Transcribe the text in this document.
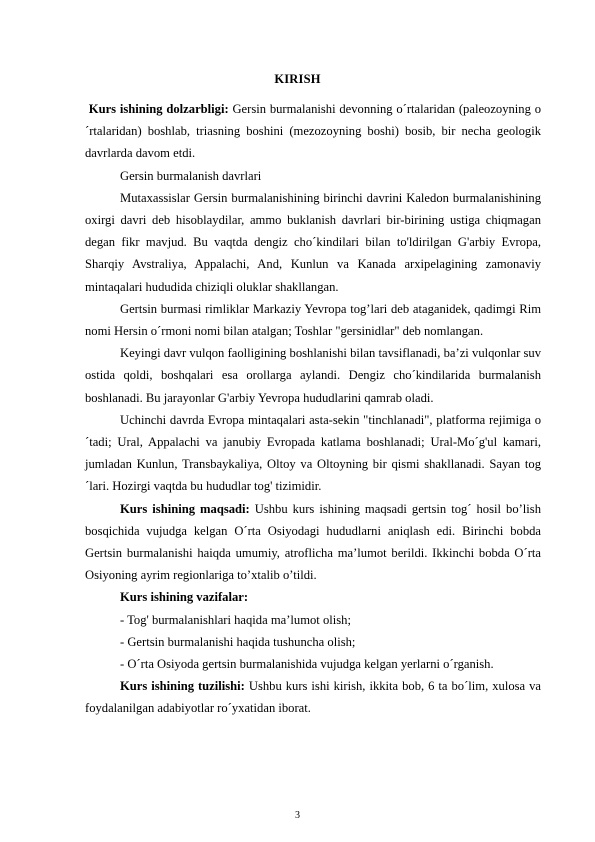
KIRISH

Kurs ishining dolzarbligi: Gersin burmalanishi devonning o´rtalaridan (paleozoyning o´rtalaridan) boshlab, triasning boshini (mezozoyning boshi) bosib, bir necha geologik davrlarda davom etdi.

Gersin burmalanish davrlari

Mutaxassislar Gersin burmalanishining birinchi davrini Kaledon burmalanishining oxirgi davri deb hisoblaydilar, ammo buklanish davrlari bir-birining ustiga chiqmagan degan fikr mavjud. Bu vaqtda dengiz cho´kindilari bilan to'ldirilgan G'arbiy Evropa, Sharqiy Avstraliya, Appalachi, And, Kunlun va Kanada arxipelagining zamonaviy mintaqalari hududida chiziqli oluklar shakllangan.

Gertsin burmasi rimliklar Markaziy Yevropa tog’lari deb ataganidek, qadimgi Rim nomi Hersin o´rmoni nomi bilan atalgan; Toshlar "gersinidlar" deb nomlangan.

Keyingi davr vulqon faolligining boshlanishi bilan tavsiflanadi, ba’zi vulqonlar suv ostida qoldi, boshqalari esa orollarga aylandi. Dengiz cho´kindilarida burmalanish boshlanadi. Bu jarayonlar G'arbiy Yevropa hududlarini qamrab oladi.

Uchinchi davrda Evropa mintaqalari asta-sekin "tinchlanadi", platforma rejimiga o´tadi; Ural, Appalachi va janubiy Evropada katlama boshlanadi; Ural-Mo´g'ul kamari, jumladan Kunlun, Transbaykaliya, Oltoy va Oltoyning bir qismi shakllanadi. Sayan tog´lari. Hozirgi vaqtda bu hududlar tog' tizimidir.

Kurs ishining maqsadi: Ushbu kurs ishining maqsadi gertsin tog´ hosil bo’lish bosqichida vujudga kelgan O´rta Osiyodagi hududlarni aniqlash edi. Birinchi bobda Gertsin burmalanishi haiqda umumiy, atroflicha ma’lumot berildi. Ikkinchi bobda O´rta Osiyoning ayrim regionlariga to’xtalib o’tildi.

Kurs ishining vazifalar:

- Tog' burmalanishlari haqida ma’lumot olish;
- Gertsin burmalanishi haqida tushuncha olish;
- O´rta Osiyoda gertsin burmalanishida vujudga kelgan yerlarni o´rganish.

Kurs ishining tuzilishi: Ushbu kurs ishi kirish, ikkita bob, 6 ta bo´lim, xulosa va foydalanilgan adabiyotlar ro´yxatidan iborat.

3
